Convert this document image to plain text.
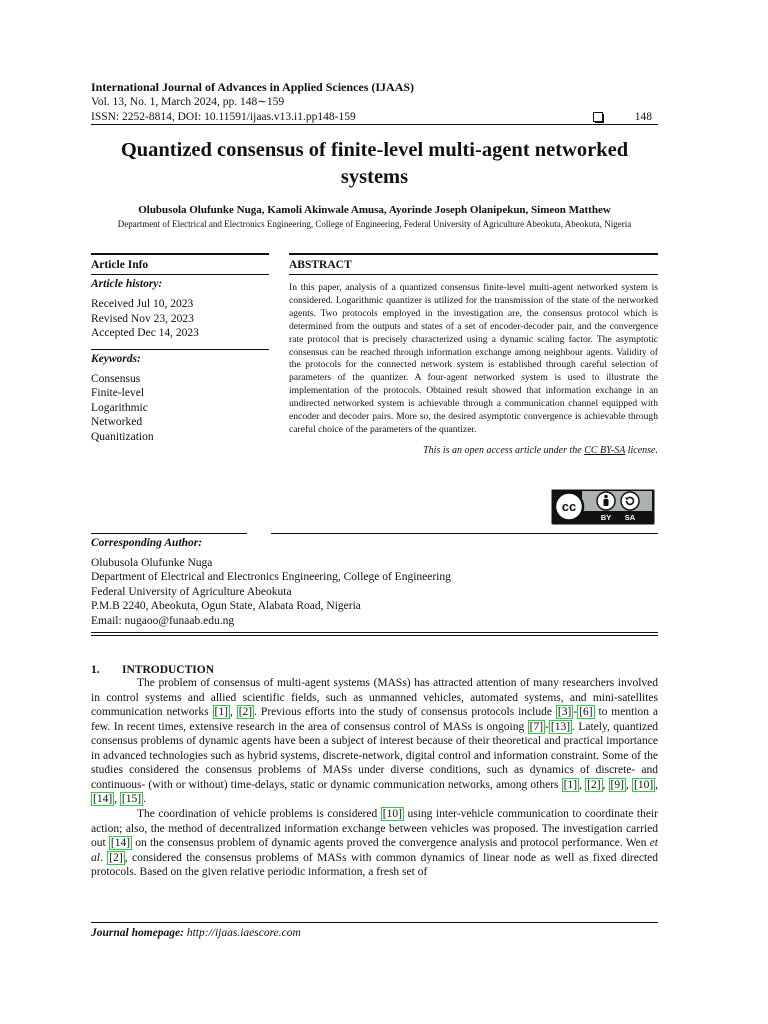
International Journal of Advances in Applied Sciences (IJAAS)
Vol. 13, No. 1, March 2024, pp. 148∼159
ISSN: 2252-8814, DOI: 10.11591/ijaas.v13.i1.pp148-159	148
Quantized consensus of finite-level multi-agent networked systems
Olubusola Olufunke Nuga, Kamoli Akinwale Amusa, Ayorinde Joseph Olanipekun, Simeon Matthew
Department of Electrical and Electronics Engineering, College of Engineering, Federal University of Agriculture Abeokuta, Abeokuta, Nigeria
Article Info
Article history:
Received Jul 10, 2023
Revised Nov 23, 2023
Accepted Dec 14, 2023
Keywords:
Consensus
Finite-level
Logarithmic
Networked
Quanitization
ABSTRACT
In this paper, analysis of a quantized consensus finite-level multi-agent networked system is considered. Logarithmic quantizer is utilized for the transmission of the state of the networked agents. Two protocols employed in the investigation are, the consensus protocol which is determined from the outputs and states of a set of encoder-decoder pair, and the convergence rate protocol that is precisely characterized using a dynamic scaling factor. The asymptotic consensus can be reached through information exchange among neighbour agents. Validity of the protocols for the connected network system is established through careful selection of parameters of the quantizer. A four-agent networked system is used to illustrate the implementation of the protocols. Obtained result showed that information exchange in an undirected networked system is achievable through a communication channel equipped with encoder and decoder pairs. More so, the desired asymptotic convergence is achievable through careful choice of the parameters of the quantizer.
This is an open access article under the CC BY-SA license.
cc
BY SA
Corresponding Author:
Olubusola Olufunke Nuga
Department of Electrical and Electronics Engineering, College of Engineering
Federal University of Agriculture Abeokuta
P.M.B 2240, Abeokuta, Ogun State, Alabata Road, Nigeria
Email: nugaoo@funaab.edu.ng
1. INTRODUCTION

The problem of consensus of multi-agent systems (MASs) has attracted attention of many researchers involved in control systems and allied scientific fields, such as unmanned vehicles, automated systems, and mini-satellites communication networks [1] , [2] . Previous efforts into the study of consensus protocols include [3] - [6] to mention a few. In recent times, extensive research in the area of consensus control of MASs is ongoing [7] - [13] . Lately, quantized consensus problems of dynamic agents have been a subject of interest because of their theoretical and practical importance in advanced technologies such as hybrid systems, discrete-network, digital control and information constraint. Some of the studies considered the consensus problems of MASs under diverse conditions, such as dynamics of discrete- and continuous- (with or without) time-delays, static or dynamic communication networks, among others [1] , [2] , [9] , [10] , [14] , [15] .

The coordination of vehicle problems is considered [10] using inter-vehicle communication to coordinate their action; also, the method of decentralized information exchange between vehicles was proposed. The investigation carried out [14] on the consensus problem of dynamic agents proved the convergence analysis and protocol performance. Wen et al. [2] , considered the consensus problems of MASs with common dynamics of linear node as well as fixed directed protocols. Based on the given relative periodic information, a fresh set of

Journal homepage: http://ijaas.iaescore.com
